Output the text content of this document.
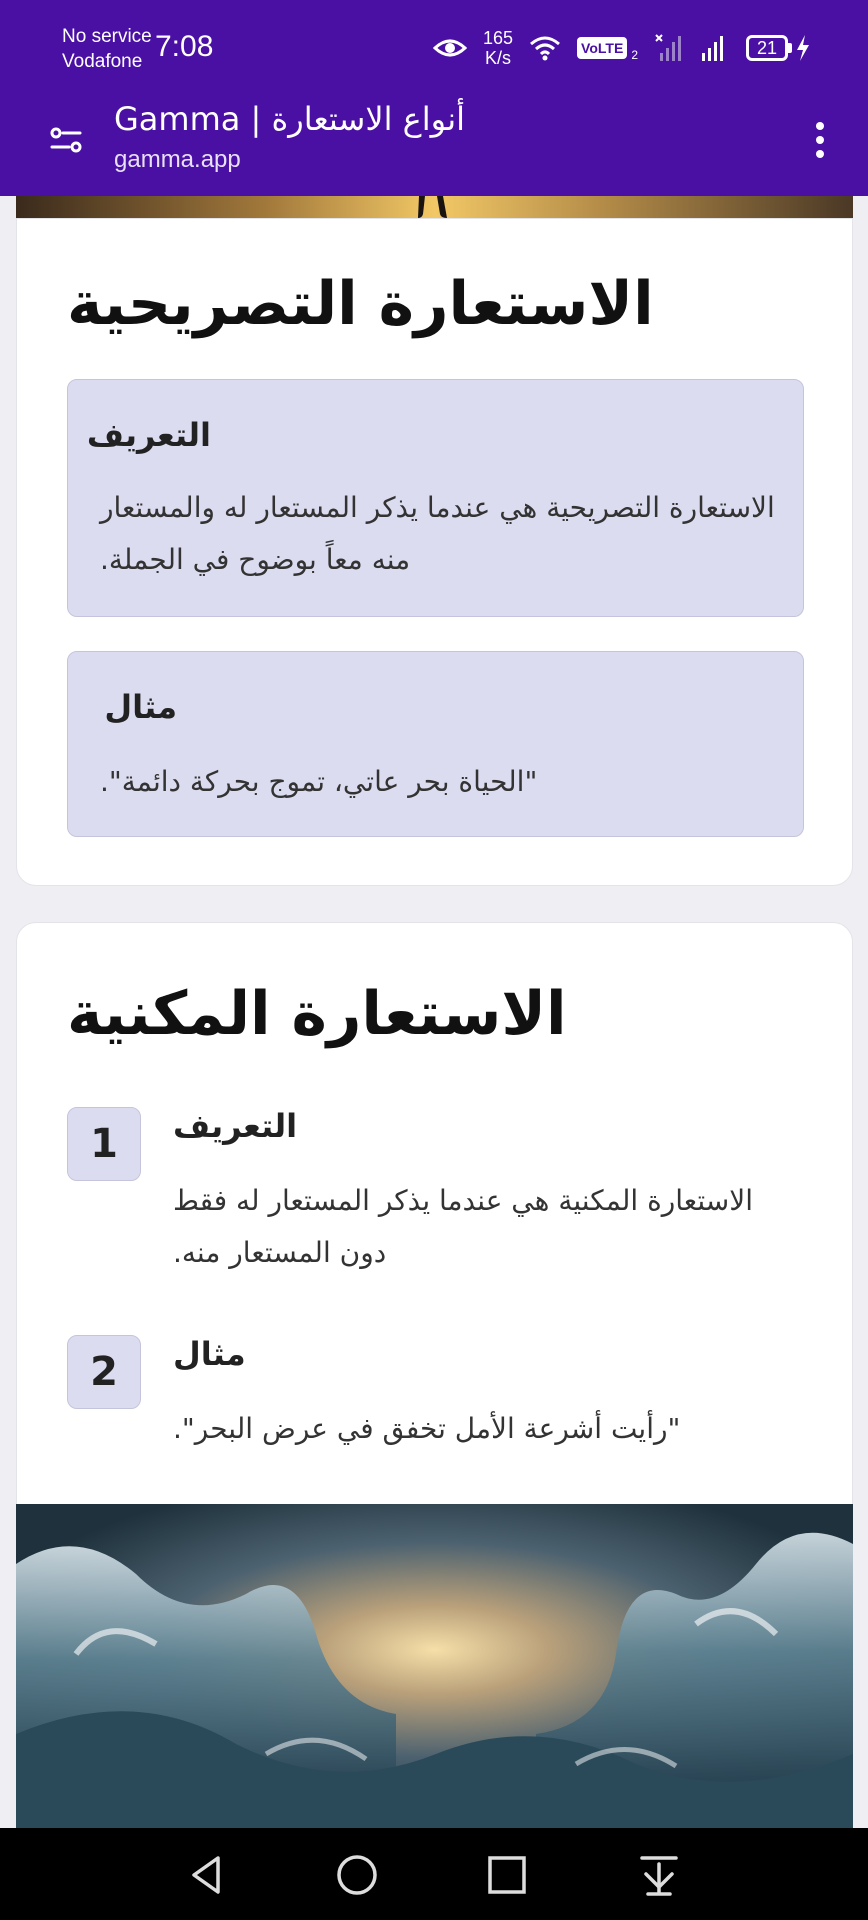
No service
Vodafone 7:08	165
K/s	VoLTE 2	21
Gamma | أنواع الاستعارة
gamma.app
الاستعارة التصريحية
التعريف
الاستعارة التصريحية هي عندما يذكر المستعار له والمستعار منه معاً بوضوح في الجملة.
مثال
"الحياة بحر عاتي، تموج بحركة دائمة".
الاستعارة المكنية
1	التعريف
الاستعارة المكنية هي عندما يذكر المستعار له فقط دون المستعار منه.
2	مثال
"رأيت أشرعة الأمل تخفق في عرض البحر".
